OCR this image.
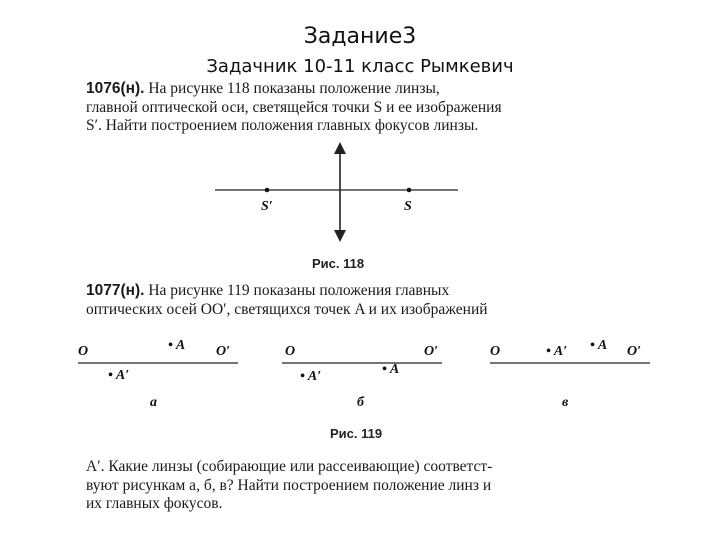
Задание3
Задачник 10-11 класс Рымкевич
1076(н). На рисунке 118 показаны положение линзы,
главной оптической оси, светящейся точки S и ее изображения
S′. Найти построением положения главных фокусов линзы.
S′	S
Рис. 118
1077(н). На рисунке 119 показаны положения главных
оптических осей OO′, светящихся точек A и их изображений
O	O′
• A
• A′
а
O	O′
• A
• A′
б
O	O′
• A
• A′
в
Рис. 119
A′. Какие линзы (собирающие или рассеивающие) соответст-
вуют рисункам а, б, в? Найти построением положение линз и
их главных фокусов.
